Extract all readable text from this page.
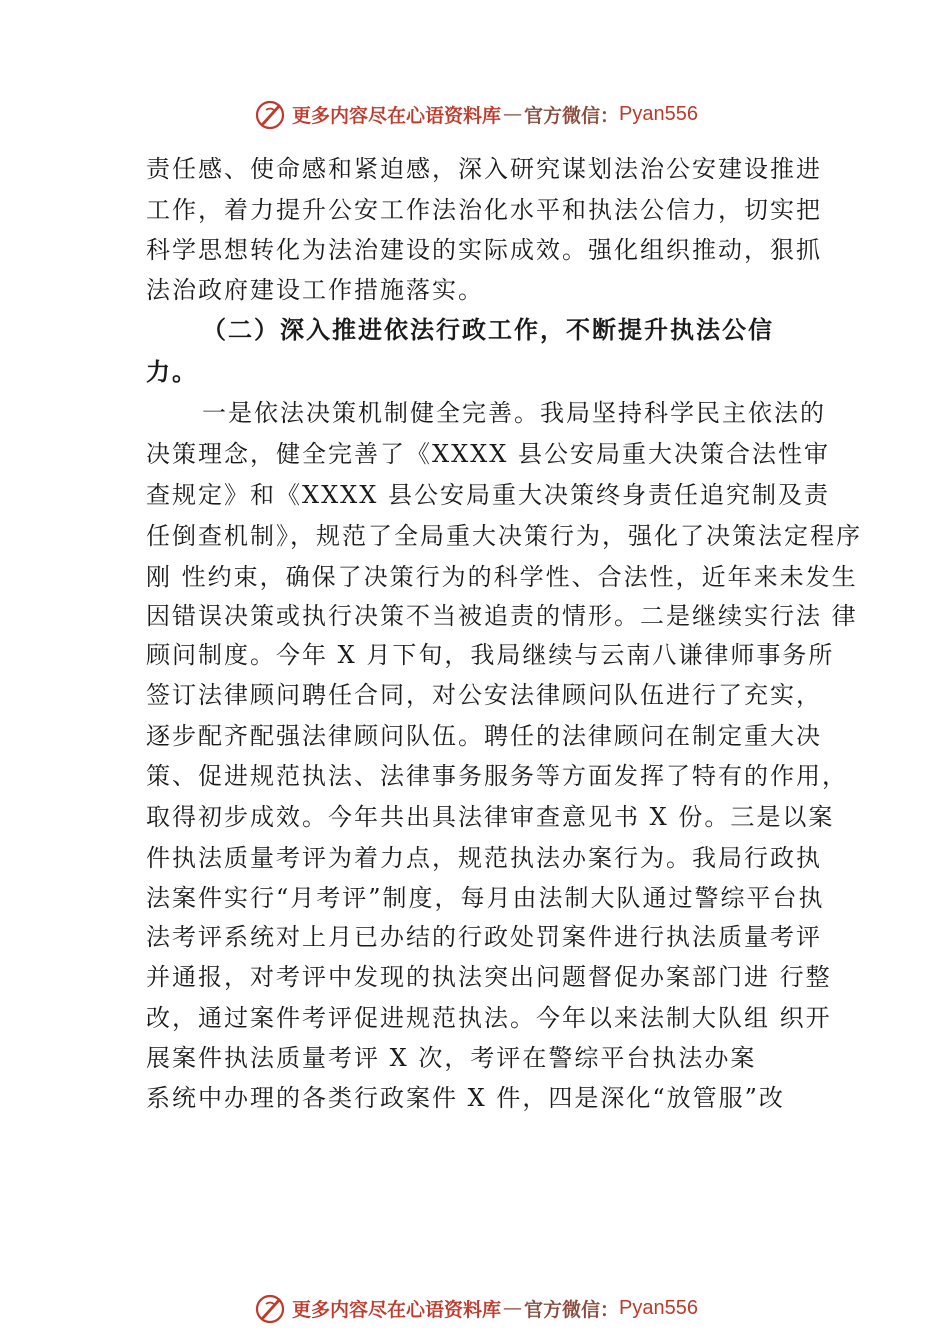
更多内容尽在心语资料库 — 官方微信： Pyan556
责任感、使命感和紧迫感，深入研究谋划法治公安建设推进
工作，着力提升公安工作法治化水平和执法公信力，切实把
科学思想转化为法治建设的实际成效。强化组织推动，狠抓
法治政府建设工作措施落实。
（二）深入推进依法行政工作，不断提升执法公信
力。
一是依法决策机制健全完善。我局坚持科学民主依法的
决策理念，健全完善了《XXXX 县公安局重大决策合法性审
查规定》和《XXXX 县公安局重大决策终身责任追究制及责
任倒查机制》，规范了全局重大决策行为，强化了决策法定程序
刚 性约束，确保了决策行为的科学性、合法性，近年来未发生
因错误决策或执行决策不当被追责的情形。二是继续实行法 律
顾问制度。今年 X 月下旬，我局继续与云南八谦律师事务所
签订法律顾问聘任合同，对公安法律顾问队伍进行了充实，
逐步配齐配强法律顾问队伍。聘任的法律顾问在制定重大决
策、促进规范执法、法律事务服务等方面发挥了特有的作用，
取得初步成效。今年共出具法律审查意见书 X 份。三是以案
件执法质量考评为着力点，规范执法办案行为。我局行政执
法案件实行“月考评”制度，每月由法制大队通过警综平台执
法考评系统对上月已办结的行政处罚案件进行执法质量考评
并通报，对考评中发现的执法突出问题督促办案部门进 行整
改，通过案件考评促进规范执法。今年以来法制大队组 织开
展案件执法质量考评 X 次，考评在警综平台执法办案
系统中办理的各类行政案件 X 件，四是深化“放管服”改
更多内容尽在心语资料库 — 官方微信： Pyan556
